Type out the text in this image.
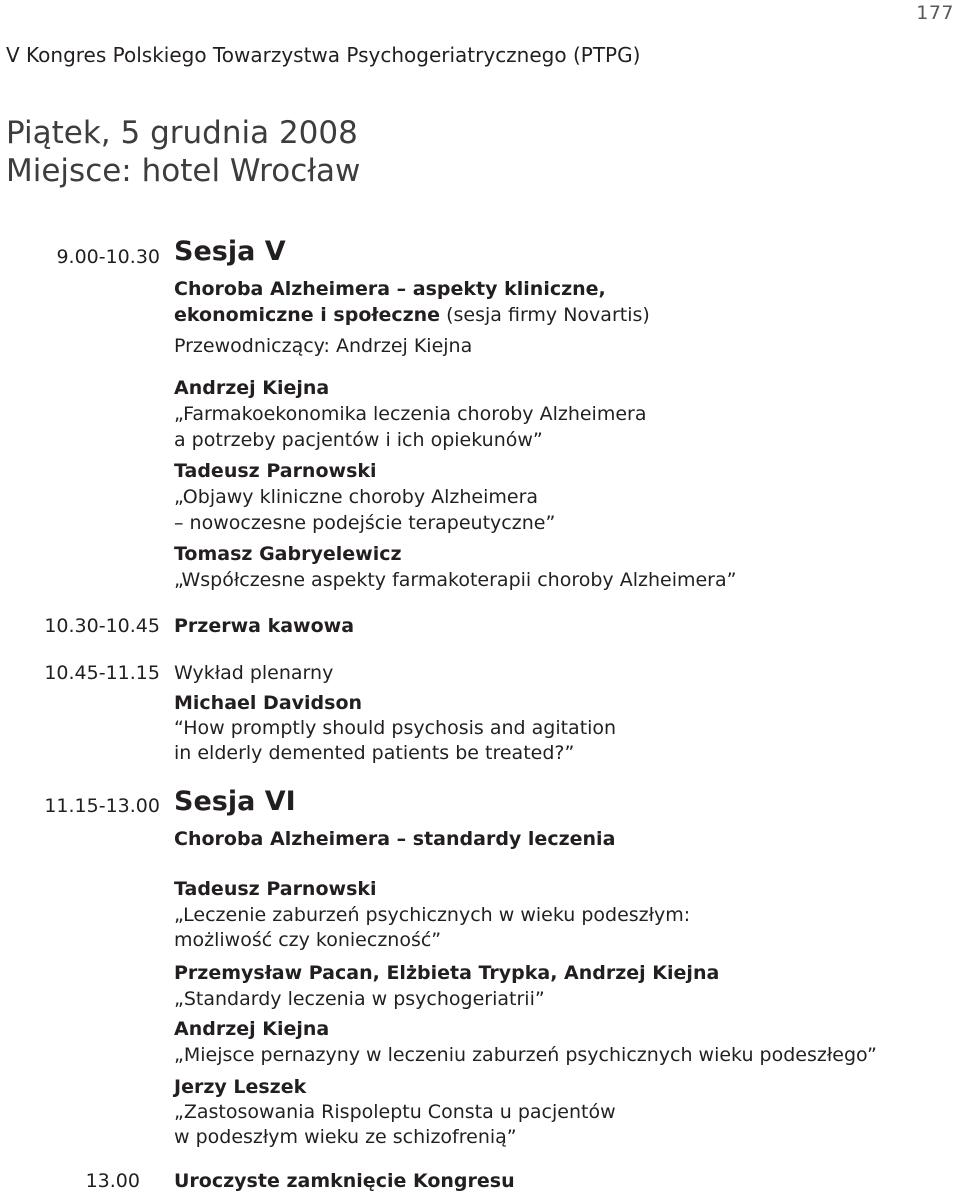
177
V Kongres Polskiego Towarzystwa Psychogeriatrycznego (PTPG)
Piątek, 5 grudnia 2008
Miejsce: hotel Wrocław
9.00-10.30 Sesja V
Choroba Alzheimera – aspekty kliniczne,
ekonomiczne i społeczne (sesja firmy Novartis)
Przewodniczący: Andrzej Kiejna
Andrzej Kiejna
„Farmakoekonomika leczenia choroby Alzheimera
a potrzeby pacjentów i ich opiekunów”
Tadeusz Parnowski
„Objawy kliniczne choroby Alzheimera
– nowoczesne podejście terapeutyczne”
Tomasz Gabryelewicz
„Współczesne aspekty farmakoterapii choroby Alzheimera”
10.30-10.45 Przerwa kawowa
10.45-11.15 Wykład plenarny
Michael Davidson
“How promptly should psychosis and agitation
in elderly demented patients be treated?”
11.15-13.00 Sesja VI
Choroba Alzheimera – standardy leczenia
Tadeusz Parnowski
„Leczenie zaburzeń psychicznych w wieku podeszłym:
możliwość czy konieczność”
Przemysław Pacan, Elżbieta Trypka, Andrzej Kiejna
„Standardy leczenia w psychogeriatrii”
Andrzej Kiejna
„Miejsce pernazyny w leczeniu zaburzeń psychicznych wieku podeszłego”
Jerzy Leszek
„Zastosowania Rispoleptu Consta u pacjentów
w podeszłym wieku ze schizofrenią”
13.00 Uroczyste zamknięcie Kongresu
